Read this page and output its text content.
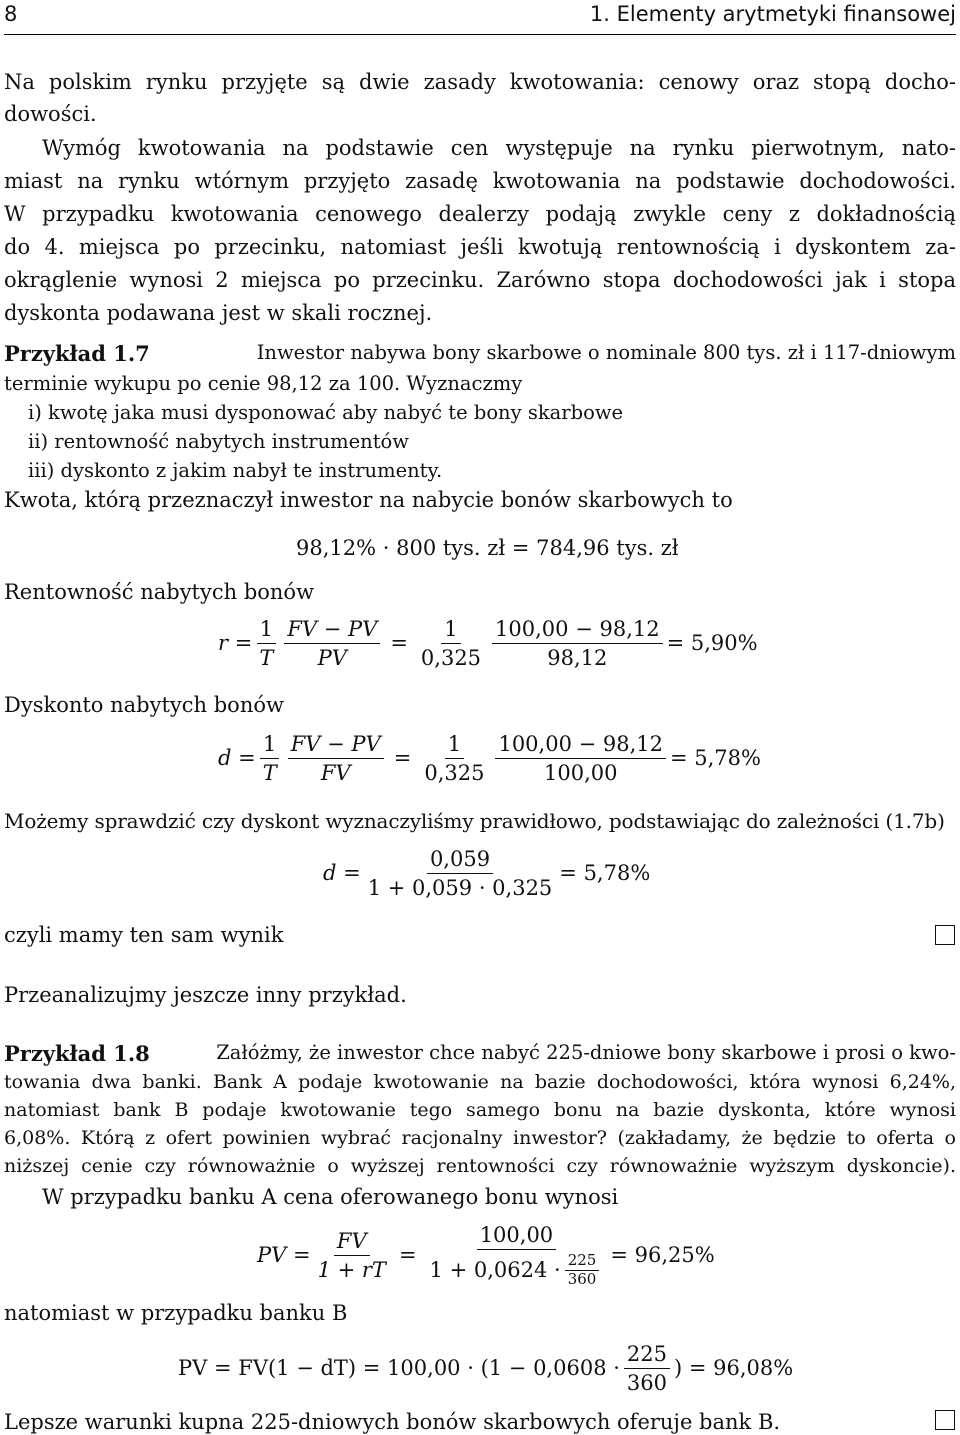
8	1. Elementy arytmetyki finansowej
Na polskim rynku przyjęte są dwie zasady kwotowania: cenowy oraz stopą docho-
dowości.
Wymóg kwotowania na podstawie cen występuje na rynku pierwotnym, nato-
miast na rynku wtórnym przyjęto zasadę kwotowania na podstawie dochodowości.
W przypadku kwotowania cenowego dealerzy podają zwykle ceny z dokładnością
do 4. miejsca po przecinku, natomiast jeśli kwotują rentownością i dyskontem za-
okrąglenie wynosi 2 miejsca po przecinku. Zarówno stopa dochodowości jak i stopa
dyskonta podawana jest w skali rocznej.
Przykład 1.7	Inwestor nabywa bony skarbowe o nominale 800 tys. zł i 117-dniowym
terminie wykupu po cenie 98,12 za 100. Wyznaczmy
i) kwotę jaka musi dysponować aby nabyć te bony skarbowe
ii) rentowność nabytych instrumentów
iii) dyskonto z jakim nabył te instrumenty.
Kwota, którą przeznaczył inwestor na nabycie bonów skarbowych to
98,12% · 800 tys. zł = 784,96 tys. zł
Rentowność nabytych bonów
$r = \frac{1}{T} \frac{FV - PV}{PV} = \frac{1}{0,325} \frac{100,00 - 98,12}{98,12} = 5,90\%$
Dyskonto nabytych bonów
$d = \frac{1}{T} \frac{FV - PV}{FV} = \frac{1}{0,325} \frac{100,00 - 98,12}{100,00} = 5,78\%$
Możemy sprawdzić czy dyskont wyznaczyliśmy prawidłowo, podstawiając do zależności (1.7b)
$d = \frac{0,059}{1 + 0,059 \cdot 0,325} = 5,78\%$
czyli mamy ten sam wynik
Przeanalizujmy jeszcze inny przykład.
Przykład 1.8	Załóżmy, że inwestor chce nabyć 225-dniowe bony skarbowe i prosi o kwo-
towania dwa banki. Bank A podaje kwotowanie na bazie dochodowości, która wynosi 6,24%,
natomiast bank B podaje kwotowanie tego samego bonu na bazie dyskonta, które wynosi
6,08%. Którą z ofert powinien wybrać racjonalny inwestor? (zakładamy, że będzie to oferta o
niższej cenie czy równoważnie o wyższej rentowności czy równoważnie wyższym dyskoncie).
W przypadku banku A cena oferowanego bonu wynosi
PV = $\frac{FV}{1 + rT} = \frac{100,00}{1 + 0,0624 \cdot \frac{225}{360}} = 96,25\%$
natomiast w przypadku banku B
PV = $FV(1 - dT) = 100,00 \cdot (1 - 0,0608 \cdot \frac{225}{360}$ ) = 96,08%
Lepsze warunki kupna 225-dniowych bonów skarbowych oferuje bank B.
